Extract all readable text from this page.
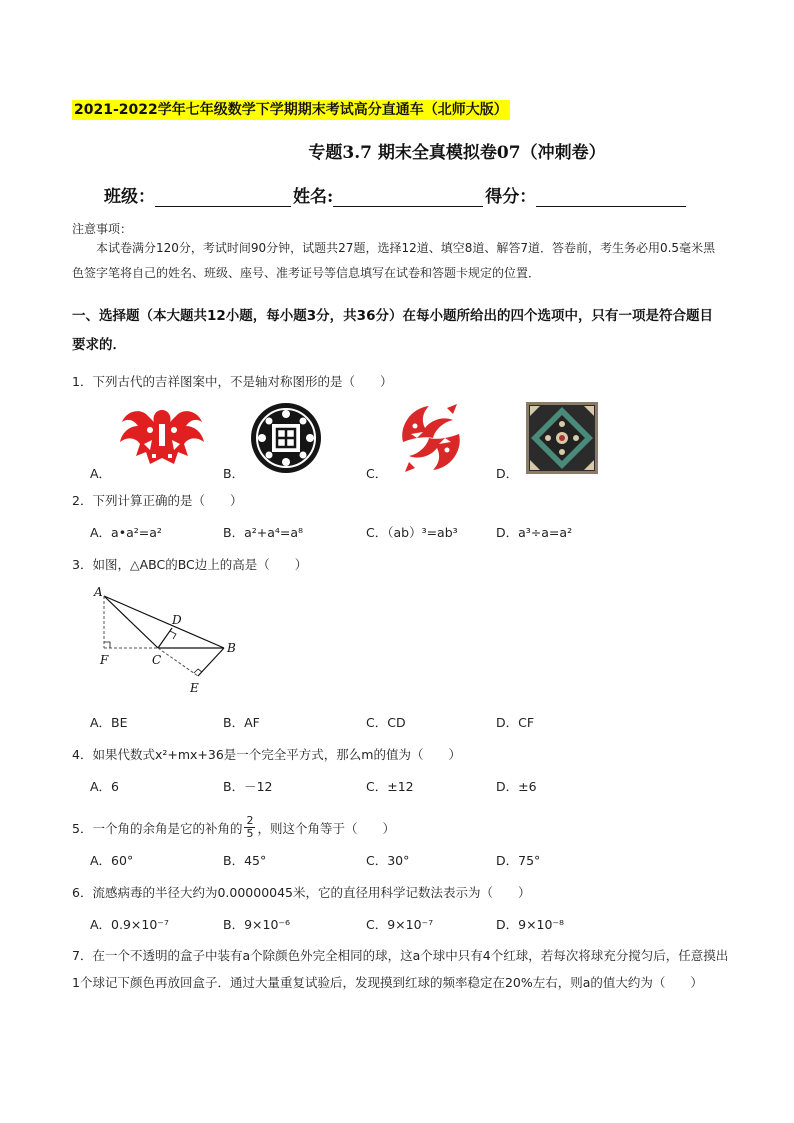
2021-2022学年七年级数学下学期期末考试高分直通车（北师大版）
专题3.7 期末全真模拟卷07（冲刺卷）
班级：	姓名:	得分：
注意事项：
本试卷满分120分，考试时间90分钟，试题共27题，选择12道、填空8道、解答7道．答卷前，考生务必用0.5毫米黑色签字笔将自己的姓名、班级、座号、准考证号等信息填写在试卷和答题卡规定的位置．
一、选择题（本大题共12小题，每小题3分，共36分）在每小题所给出的四个选项中，只有一项是符合题目要求的．
1．下列古代的吉祥图案中，不是轴对称图形的是（　　）
A．	B．	C．	D．
2．下列计算正确的是（　　）
A．a•a²=a²	B．a²+a⁴=a⁸	C．（ab）³=ab³	D．a³÷a=a²
3．如图，△ABC的BC边上的高是（　　）
A
B
C
D
E
F
A．BE	B．AF	C．CD	D．CF
4．如果代数式x²+mx+36是一个完全平方式，那么m的值为（　　）
A．6	B．－12	C．±12	D．±6
5．一个角的余角是它的补角的 $\frac{2}{5}$ ，则这个角等于（　　）
A．60°	B．45°	C．30°	D．75°
6．流感病毒的半径大约为0.00000045米，它的直径用科学记数法表示为（　　）
A．0.9×10⁻⁷	B．9×10⁻⁶	C．9×10⁻⁷	D．9×10⁻⁸
7．在一个不透明的盒子中装有a个除颜色外完全相同的球，这a个球中只有4个红球，若每次将球充分搅匀后，任意摸出1个球记下颜色再放回盒子．通过大量重复试验后，发现摸到红球的频率稳定在20%左右，则a的值大约为（　　）
